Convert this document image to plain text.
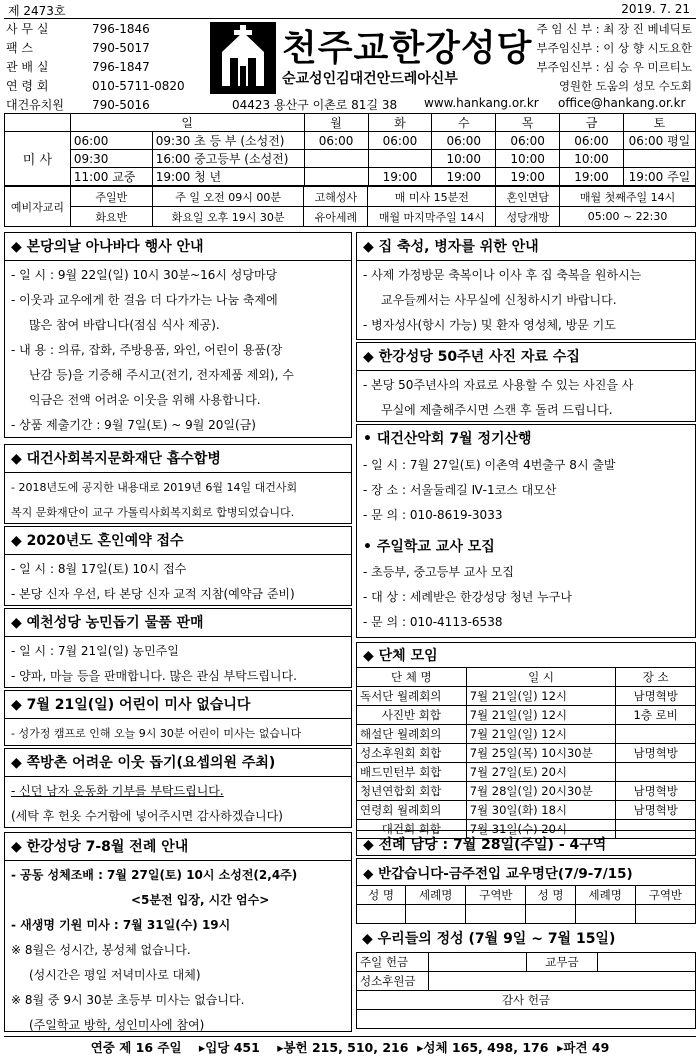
제 2473호	2019. 7. 21
사 무 실	796-1846
팩 스	790-5017
관 배 실	796-1847
연 령 회	010-5711-0820
대건유치원 790-5016
천주교한강성당
순교성인김대건안드레아신부
주 임 신 부 : 최 장 진 베네딕토
부주임신부 : 이 상 향 시도요한
부주임신부 : 심 승 우 미르티노
영원한 도움의 성모 수도회
04423 용산구 이촌로 81길 38 www.hankang.or.kr office@hankang.or.kr
	일		월	화	수	목	금	토
미 사	06:00	09:30 초 등 부 (소성전)	06:00	06:00	06:00	06:00	06:00	06:00 평일
	09:30	16:00 중고등부 (소성전)			10:00	10:00	10:00	
	11:00 교중	19:00 청 년		19:00	19:00	19:00	19:00	19:00 주일
예비자교리	주일반	주 일 오전 09시 00분	고해성사	매 미사 15분전	혼인면담	매월 첫째주일 14시
	화요반	화요일 오후 19시 30분	유아세례	매월 마지막주일 14시	성당개방	05:00 ~ 22:30
◆ 본당의날 아나바다 행사 안내
- 일 시 : 9월 22일(일) 10시 30분~16시 성당마당
- 이웃과 교우에게 한 걸음 더 다가가는 나눔 축제에
많은 참여 바랍니다(점심 식사 제공).
- 내 용 : 의류, 잡화, 주방용품, 와인, 어린이 용품(장
난감 등)을 기증해 주시고(전기, 전자제품 제외), 수
익금은 전액 어려운 이웃을 위해 사용합니다.
- 상품 제출기간 : 9월 7일(토) ~ 9월 20일(금)
◆ 대건사회복지문화재단 흡수합병
- 2018년도에 공지한 내용대로 2019년 6월 14일 대건사회
복지 문화재단이 교구 가톨릭사회복지회로 합병되었습니다.
◆ 2020년도 혼인예약 접수
- 일 시 : 8월 17일(토) 10시 접수
- 본당 신자 우선, 타 본당 신자 교적 지참(예약금 준비)
◆ 예천성당 농민돕기 물품 판매
- 일 시 : 7월 21일(일) 농민주일
- 양파, 마늘 등을 판매합니다. 많은 관심 부탁드립니다.
◆ 7월 21일(일) 어린이 미사 없습니다
- 성가정 캠프로 인해 오늘 9시 30분 어린이 미사는 없습니다
◆ 쪽방촌 어려운 이웃 돕기(요셉의원 주최)
- 신던 남자 운동화 기부를 부탁드립니다.
(세탁 후 헌옷 수거함에 넣어주시면 감사하겠습니다)
◆ 한강성당 7-8월 전례 안내
- 공동 성체조배 : 7월 27일(토) 10시 소성전(2,4주)
<5분전 입장, 시간 엄수>
- 새생명 기원 미사 : 7월 31일(수) 19시
※ 8월은 성시간, 봉성체 없습니다.
(성시간은 평일 저녁미사로 대체)
※ 8월 중 9시 30분 초등부 미사는 없습니다.
(주일학교 방학, 성인미사에 참여)
◆ 집 축성, 병자를 위한 안내
- 사제 가정방문 축복이나 이사 후 집 축복을 원하시는
교우들께서는 사무실에 신청하시기 바랍니다.
- 병자성사(항시 가능) 및 환자 영성체, 방문 기도
◆ 한강성당 50주년 사진 자료 수집
- 본당 50주년사의 자료로 사용할 수 있는 사진을 사
무실에 제출해주시면 스캔 후 돌려 드립니다.
• 대건산악회 7월 정기산행
- 일 시 : 7월 27일(토) 이촌역 4번출구 8시 출발
- 장 소 : 서울둘레길 Ⅳ-1코스 대모산
- 문 의 : 010-8619-3033
• 주일학교 교사 모집
- 초등부, 중고등부 교사 모집
- 대 상 : 세례받은 한강성당 청년 누구나
- 문 의 : 010-4113-6538
◆ 단체 모임
단 체 명	일 시	장 소
독서단 월례회의	7월 21일(일) 12시	남명혁방
사진반 회합	7월 21일(일) 12시	1층 로비
해설단 월례회의	7월 21일(일) 12시	
성소후원회 회합	7월 25일(목) 10시30분	남명혁방
배드민턴부 회합	7월 27일(토) 20시	
청년연합회 회합	7월 28일(일) 20시30분	남명혁방
연령회 월례회의	7월 30일(화) 18시	남명혁방
대건회 회합	7월 31일(수) 20시	
◆ 전례 담당 : 7월 28일(주일) - 4구역
◆ 반갑습니다-금주전입 교우명단(7/9-7/15)
성 명	세례명	구역반	성 명	세례명	구역반

◆ 우리들의 정성 (7월 9일 ~ 7월 15일)
주일 헌금		교무금	
성소후원금			
감사 헌금			

연중 제 16 주일    ▸입당 451    ▸봉헌 215, 510, 216  ▸성체 165, 498, 176  ▸파견 49
